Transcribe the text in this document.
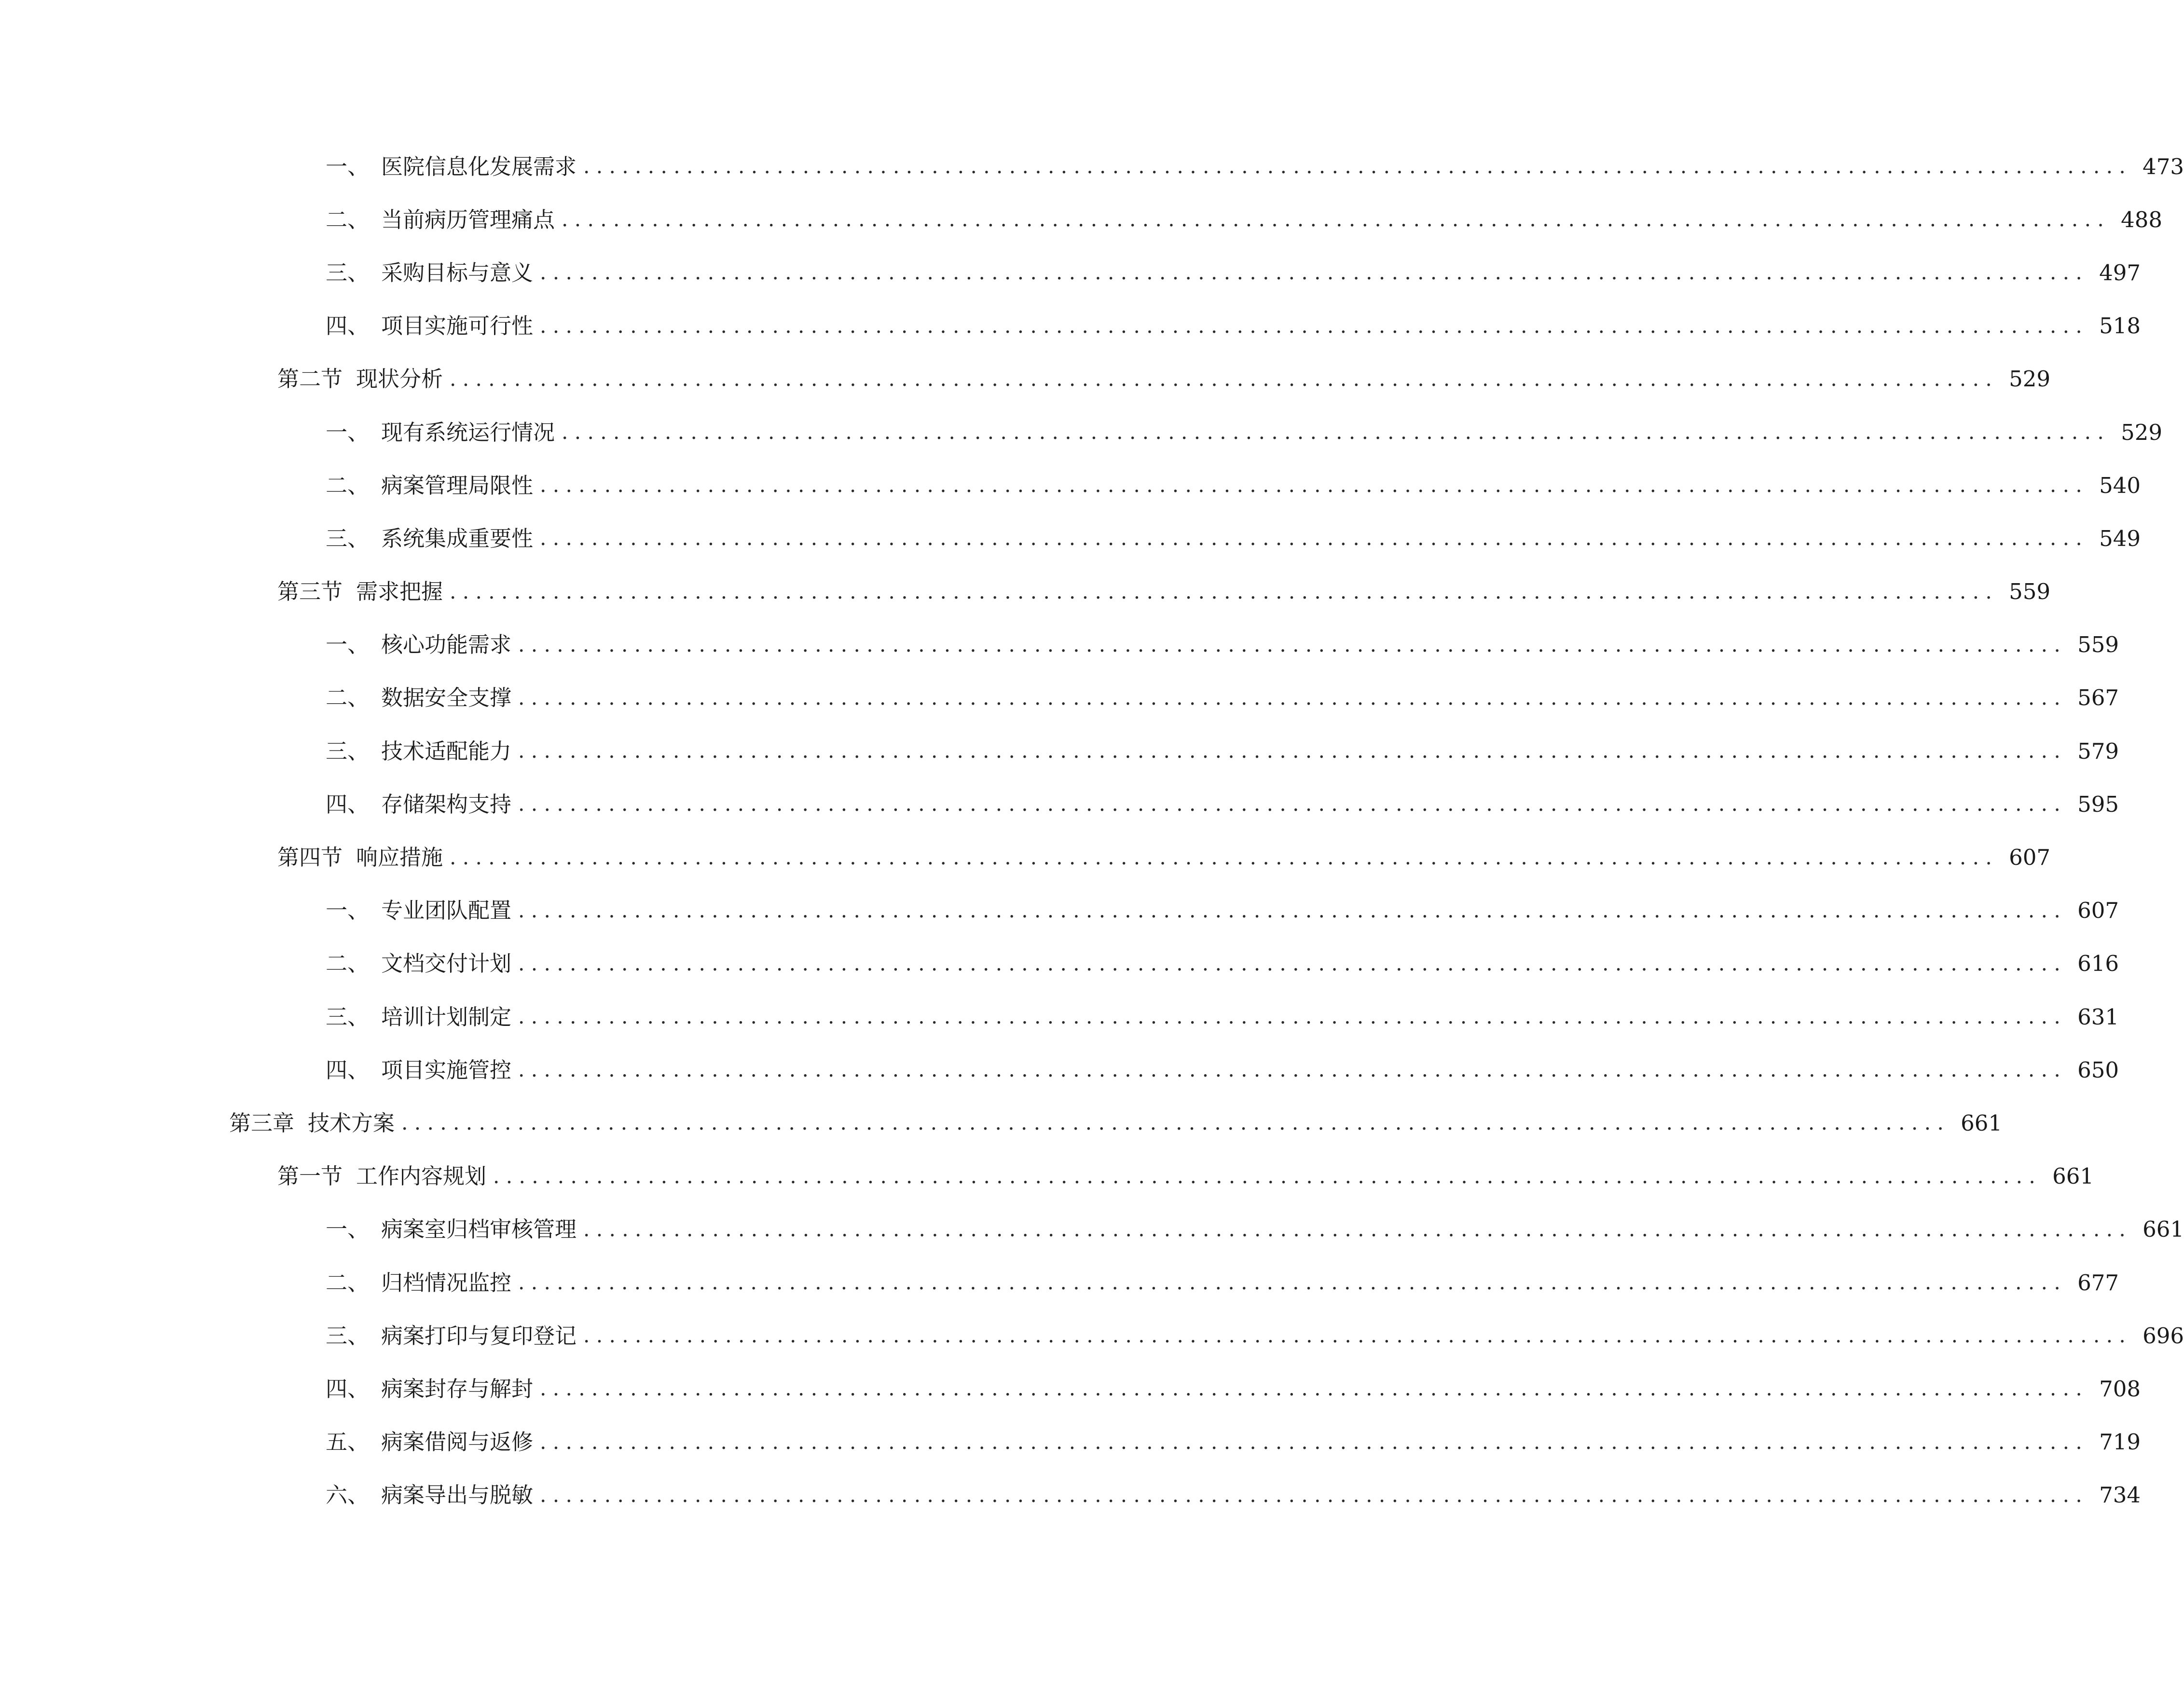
一、 医院信息化发展需求 ........................................................................................................................ 473
二、 当前病历管理痛点 ........................................................................................................................ 488
三、 采购目标与意义 ........................................................................................................................ 497
四、 项目实施可行性 ........................................................................................................................ 518
第二节 现状分析 ........................................................................................................................ 529
一、 现有系统运行情况 ........................................................................................................................ 529
二、 病案管理局限性 ........................................................................................................................ 540
三、 系统集成重要性 ........................................................................................................................ 549
第三节 需求把握 ........................................................................................................................ 559
一、 核心功能需求 ........................................................................................................................ 559
二、 数据安全支撑 ........................................................................................................................ 567
三、 技术适配能力 ........................................................................................................................ 579
四、 存储架构支持 ........................................................................................................................ 595
第四节 响应措施 ........................................................................................................................ 607
一、 专业团队配置 ........................................................................................................................ 607
二、 文档交付计划 ........................................................................................................................ 616
三、 培训计划制定 ........................................................................................................................ 631
四、 项目实施管控 ........................................................................................................................ 650
第三章 技术方案 ........................................................................................................................ 661
第一节 工作内容规划 ........................................................................................................................ 661
一、 病案室归档审核管理 ........................................................................................................................ 661
二、 归档情况监控 ........................................................................................................................ 677
三、 病案打印与复印登记 ........................................................................................................................ 696
四、 病案封存与解封 ........................................................................................................................ 708
五、 病案借阅与返修 ........................................................................................................................ 719
六、 病案导出与脱敏 ........................................................................................................................ 734
